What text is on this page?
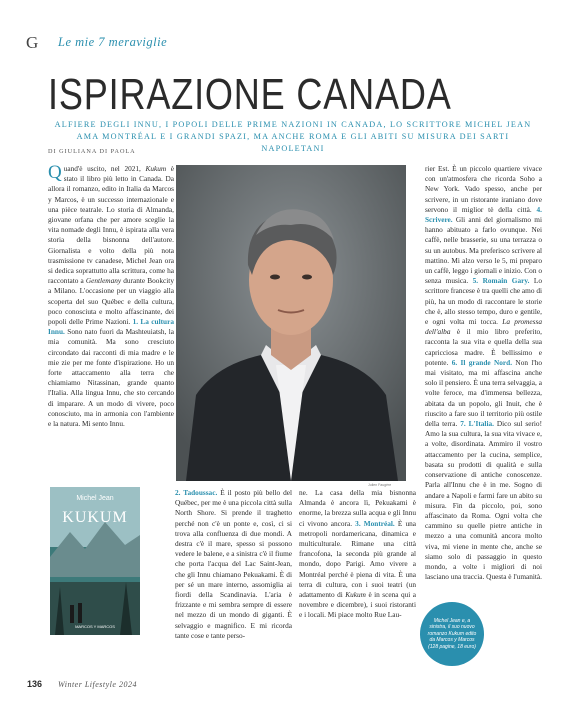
G Le mie 7 meraviglie
ISPIRAZIONE CANADA
ALFIERE DEGLI INNU, I POPOLI DELLE PRIME NAZIONI IN CANADA, LO SCRITTORE MICHEL JEAN AMA MONTRÉAL E I GRANDI SPAZI, MA ANCHE ROMA E GLI ABITI SU MISURA DEI SARTI NAPOLETANI
DI GIULIANA DI PAOLA
Quand'è uscito, nel 2021, Kukum è stato il libro più letto in Canada. Da allora il romanzo, edito in Italia da Marcos y Marcos, è un successo internazionale e una pièce teatrale. Lo storia di Almanda, giovane orfana che per amore sceglie la vita nomade degli Innu, è ispirata alla vera storia della bisnonna dell'autore. Giornalista e volto della più nota trasmissione tv canadese, Michel Jean ora si dedica soprattutto alla scrittura, come ha raccontato a Gentlemany durante Bookcity a Milano. L'occasione per un viaggio alla scoperta del suo Québec e della cultura, poco conosciuta e molto affascinante, dei popoli delle Prime Nazioni. 1. La cultura Innu. Sono nato fuori da Mashteuiatsh, la mia comunità. Ma sono cresciuto circondato dai racconti di mia madre e le mie zie per me fonte d'ispirazione. Ho un forte attaccamento alla terra che chiamiamo Nitassinan, grande quanto l'Italia. Alla lingua Innu, che sto cercando di imparare. A un modo di vivere, poco conosciuto, ma in armonia con l'ambiente e la natura. Mi sento Innu.
Julien Faugère
Michel Jean
KUKUM
MARCOS Y MARCOS
2. Tadoussac. È il posto più bello del Québec, per me è una piccola città sulla North Shore. Si prende il traghetto perché non c'è un ponte e, così, ci si trova alla confluenza di due mondi. A destra c'è il mare, spesso si possono vedere le balene, e a sinistra c'è il fiume che porta l'acqua del Lac Saint-Jean, che gli Innu chiamano Pekuakami. È di per sé un mare interno, assomiglia ai fiordi della Scandinavia. L'aria è frizzante e mi sembra sempre di essere nel mezzo di un mondo di giganti. È selvaggio e magnifico. E mi ricorda tante cose e tante perso-
ne. La casa della mia bisnonna Almanda è ancora lì, Pekuakami è enorme, la brezza sulla acqua e gli Innu ci vivono ancora. 3. Montréal. È una metropoli nordamericana, dinamica e multiculturale. Rimane una città francofona, la seconda più grande al mondo, dopo Parigi. Amo vivere a Montréal perché è piena di vita. È una terra di cultura, con i suoi teatri (un adattamento di Kukum è in scena qui a novembre e dicembre), i suoi ristoranti e i locali. Mi piace molto Rue Lau-
rier Est. È un piccolo quartiere vivace con un'atmosfera che ricorda Soho a New York. Vado spesso, anche per scrivere, in un ristorante iraniano dove servono il miglior tè della città. 4. Scrivere. Gli anni del giornalismo mi hanno abituato a farlo ovunque. Nei caffè, nelle brasserie, su una terrazza o su un autobus. Ma preferisco scrivere al mattino. Mi alzo verso le 5, mi preparo un caffè, leggo i giornali e inizio. Con o senza musica. 5. Romain Gary. Lo scrittore francese è tra quelli che amo di più, ha un modo di raccontare le storie che è, allo stesso tempo, duro e gentile, e ogni volta mi tocca. La promessa dell'alba è il mio libro preferito, racconta la sua vita e quella della sua capricciosa madre. È bellissimo e potente. 6. Il grande Nord. Non l'ho mai visitato, ma mi affascina anche solo il pensiero. È una terra selvaggia, a volte feroce, ma d'immensa bellezza, abitata da un popolo, gli Inuit, che è riuscito a fare suo il territorio più ostile della terra. 7. L'Italia. Dico sul serio! Amo la sua cultura, la sua vita vivace e, a volte, disordinata. Ammiro il vostro attaccamento per la cucina, semplice, basata su prodotti di qualità e sulla conservazione di antiche conoscenze. Parla all'Innu che è in me. Sogno di andare a Napoli e farmi fare un abito su misura. Fin da piccolo, poi, sono affascinato da Roma. Ogni volta che cammino su quelle pietre antiche in mezzo a una comunità ancora molto viva, mi viene in mente che, anche se siamo solo di passaggio in questo mondo, a volte i migliori di noi lasciano una traccia. Questa è l'umanità.
Michel Jean e, a sinistra, il suo nuovo romanzo Kukum edito da Marcos y Marcos (128 pagine, 18 euro)
136 Winter Lifestyle 2024
